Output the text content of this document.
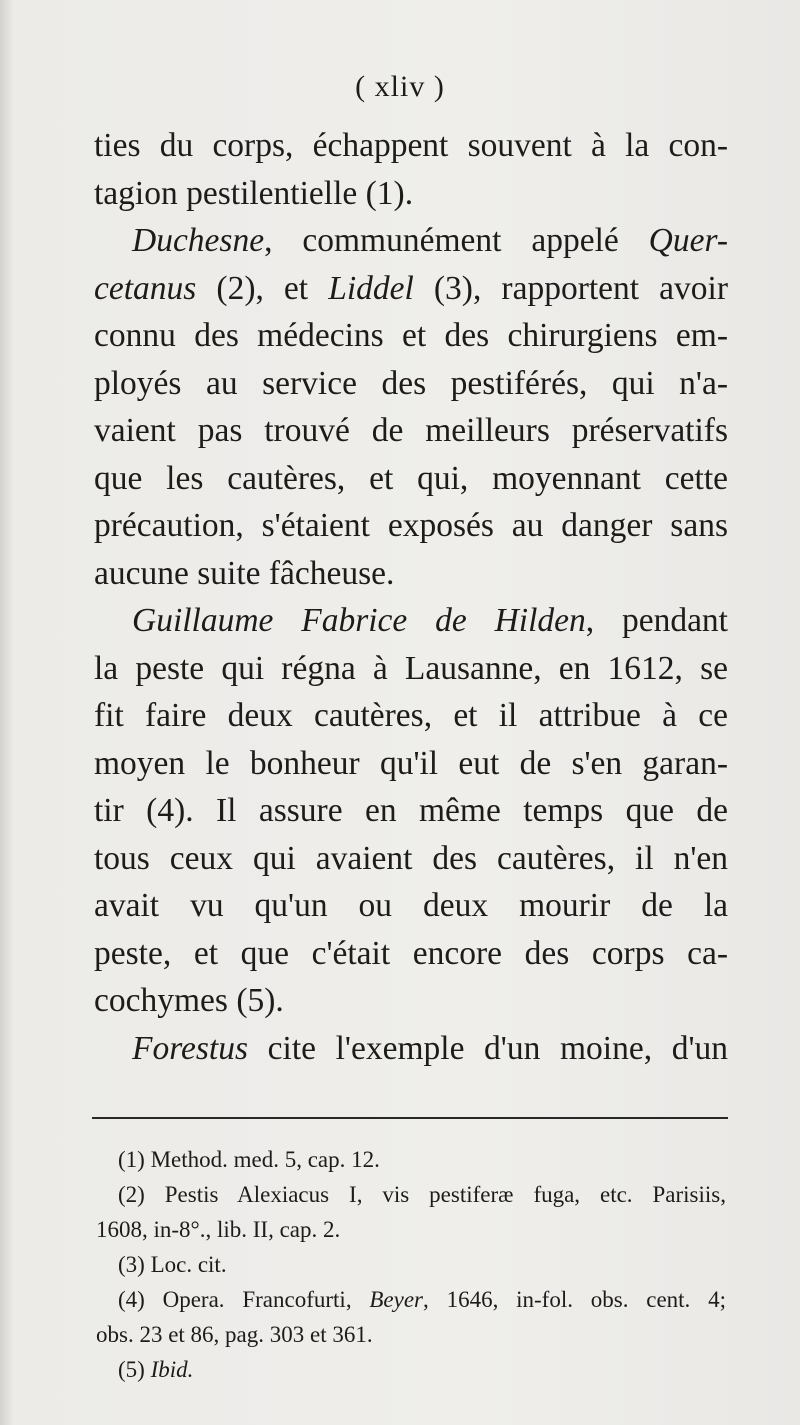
( xliv )
ties du corps, échappent souvent à la con-
tagion pestilentielle (1).
Duchesne, communément appelé Quer-
cetanus (2), et Liddel (3), rapportent avoir
connu des médecins et des chirurgiens em-
ployés au service des pestiférés, qui n'a-
vaient pas trouvé de meilleurs préservatifs
que les cautères, et qui, moyennant cette
précaution, s'étaient exposés au danger sans
aucune suite fâcheuse.
Guillaume Fabrice de Hilden, pendant
la peste qui régna à Lausanne, en 1612, se
fit faire deux cautères, et il attribue à ce
moyen le bonheur qu'il eut de s'en garan-
tir (4). Il assure en même temps que de
tous ceux qui avaient des cautères, il n'en
avait vu qu'un ou deux mourir de la
peste, et que c'était encore des corps ca-
cochymes (5).
Forestus cite l'exemple d'un moine, d'un
(1) Method. med. 5, cap. 12.
(2) Pestis Alexiacus I, vis pestiferæ fuga, etc. Parisiis,
1608, in-8°., lib. II, cap. 2.
(3) Loc. cit.
(4) Opera. Francofurti, Beyer, 1646, in-fol. obs. cent. 4;
obs. 23 et 86, pag. 303 et 361.
(5) Ibid.
